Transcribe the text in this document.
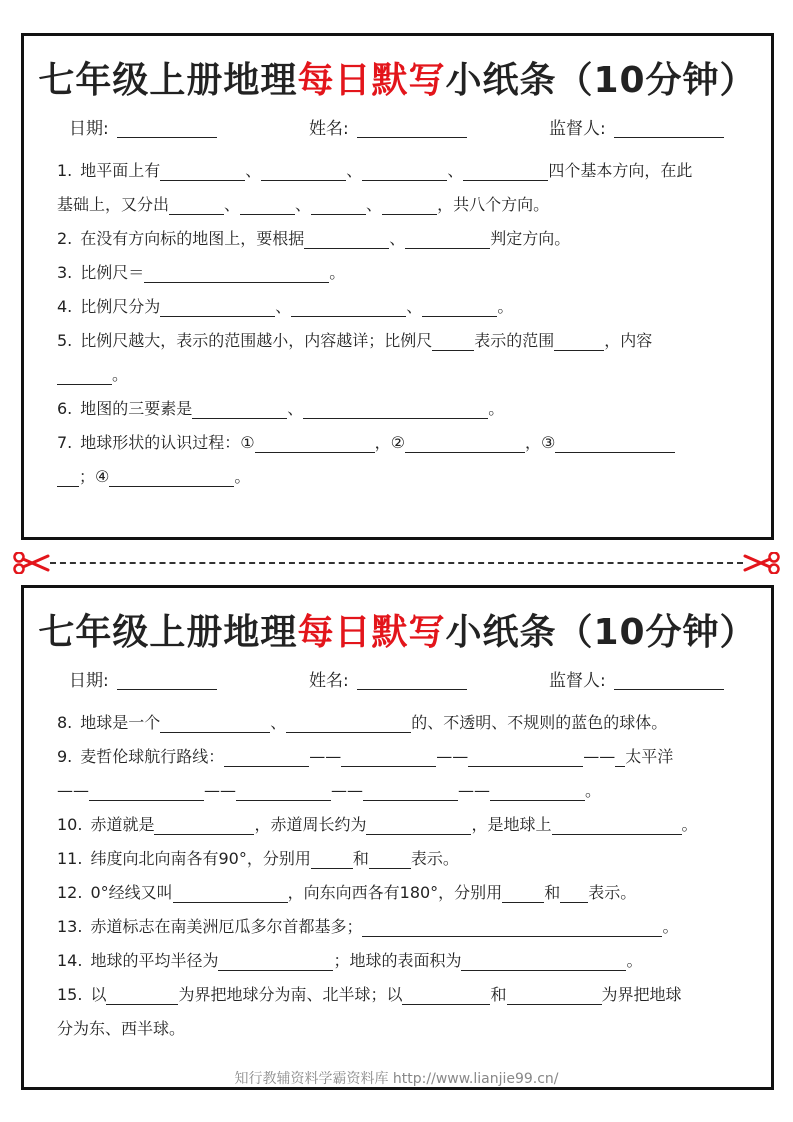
七年级上册地理每日默写小纸条（10分钟）
日期:	姓名:	监督人:
1. 地平面上有	、	、	、	四个基本方向，在此
基础上，又分出	、	、	、	，共八个方向。
2. 在没有方向标的地图上，要根据	、	判定方向。
3. 比例尺＝	。
4. 比例尺分为	、	、	。
5. 比例尺越大，表示的范围越小，内容越详；比例尺	表示的范围	，内容
。
6. 地图的三要素是	、	。
7. 地球形状的认识过程：①	，②	，③
；④	。
七年级上册地理每日默写小纸条（10分钟）
日期:	姓名:	监督人:
8. 地球是一个	、	的、不透明、不规则的蓝色的球体。
9. 麦哲伦球航行路线：	——	——	—— 太平洋
——	——	——	——	。
10. 赤道就是	，赤道周长约为	，是地球上	。
11. 纬度向北向南各有90°，分别用	和	表示。
12. 0°经线又叫	，向东向西各有180°，分别用	和 表示。
13. 赤道标志在南美洲厄瓜多尔首都基多；	。
14. 地球的平均半径为	；地球的表面积为	。
15. 以	为界把地球分为南、北半球；以	和	为界把地球
分为东、西半球。
知行教辅资料学霸资料库 http://www.lianjie99.cn/
